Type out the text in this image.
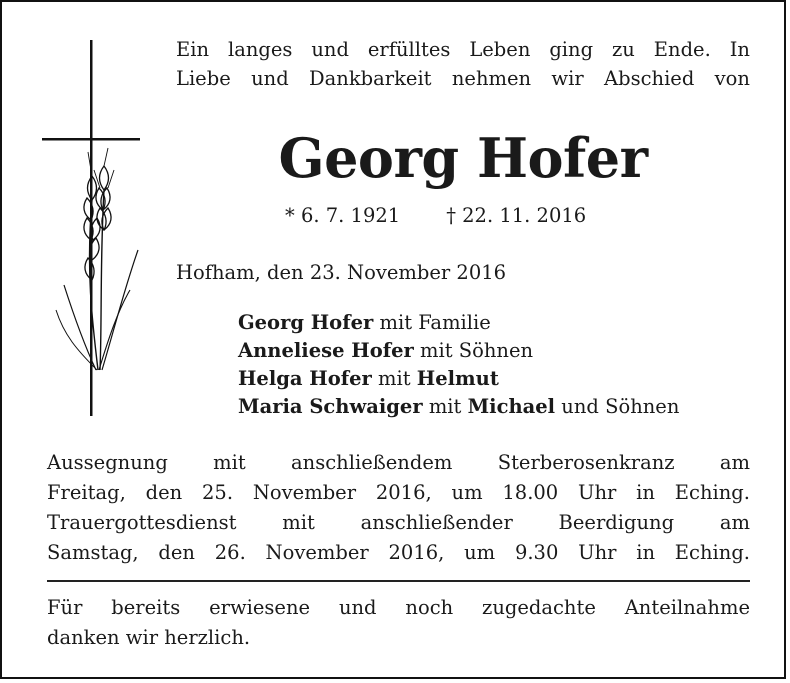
Ein langes und erfülltes Leben ging zu Ende. In
Liebe und Dankbarkeit nehmen wir Abschied von
Georg Hofer
* 6. 7. 1921 † 22. 11. 2016
Hofham, den 23. November 2016
Georg Hofer mit Familie
Anneliese Hofer mit Söhnen
Helga Hofer mit Helmut
Maria Schwaiger mit Michael und Söhnen
Aussegnung mit anschließendem Sterberosenkranz am
Freitag, den 25. November 2016, um 18.00 Uhr in Eching.
Trauergottesdienst mit anschließender Beerdigung am
Samstag, den 26. November 2016, um 9.30 Uhr in Eching.
Für bereits erwiesene und noch zugedachte Anteilnahme
danken wir herzlich.
